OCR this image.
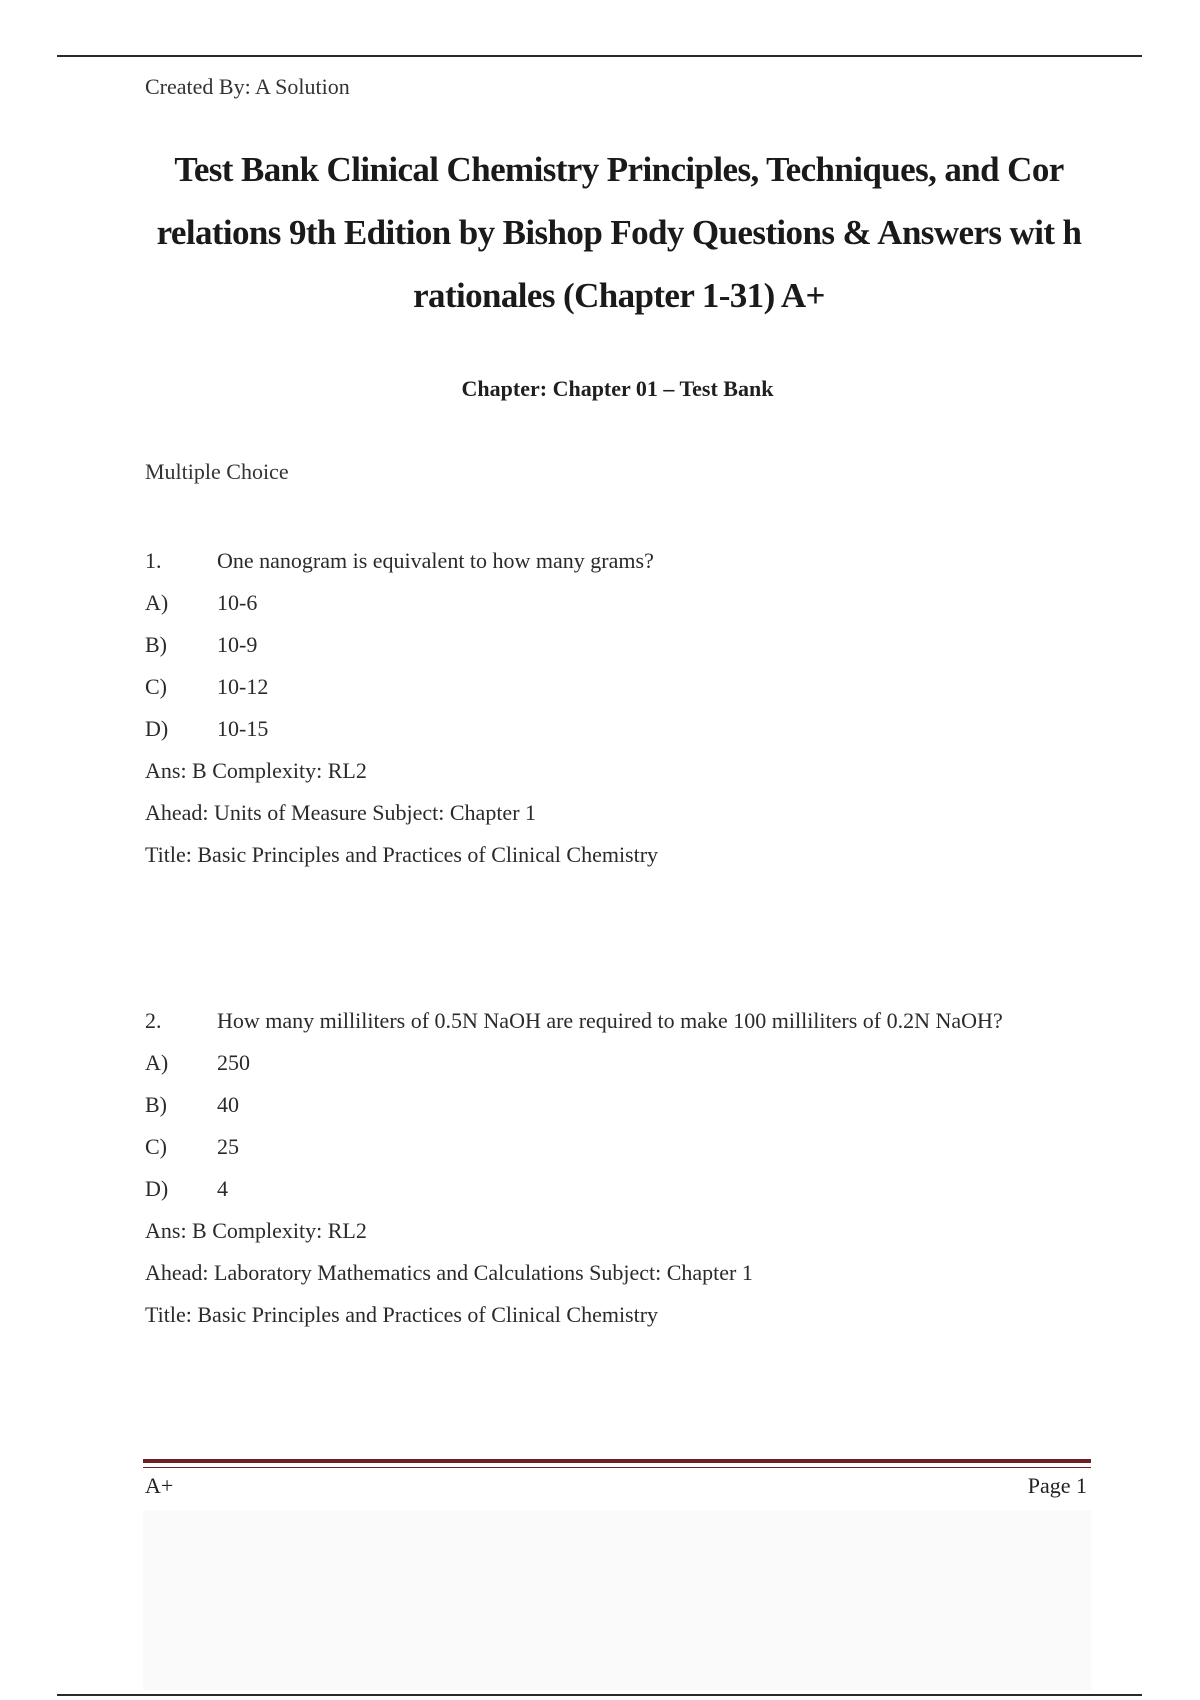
Created By: A Solution
Test Bank Clinical Chemistry Principles, Techniques, and Cor relations 9th Edition by Bishop Fody Questions & Answers wit h rationales (Chapter 1-31) A+
Chapter: Chapter 01 – Test Bank
Multiple Choice
1.	One nanogram is equivalent to how many grams?
A) 10-6
B) 10-9
C) 10-12
D) 10-15
Ans: B Complexity: RL2
Ahead: Units of Measure Subject: Chapter 1
Title: Basic Principles and Practices of Clinical Chemistry
2.	How many milliliters of 0.5N NaOH are required to make 100 milliliters of 0.2N NaOH?
A) 250
B) 40
C) 25
D) 4
Ans: B Complexity: RL2
Ahead: Laboratory Mathematics and Calculations Subject: Chapter 1
Title: Basic Principles and Practices of Clinical Chemistry
A+	Page 1
